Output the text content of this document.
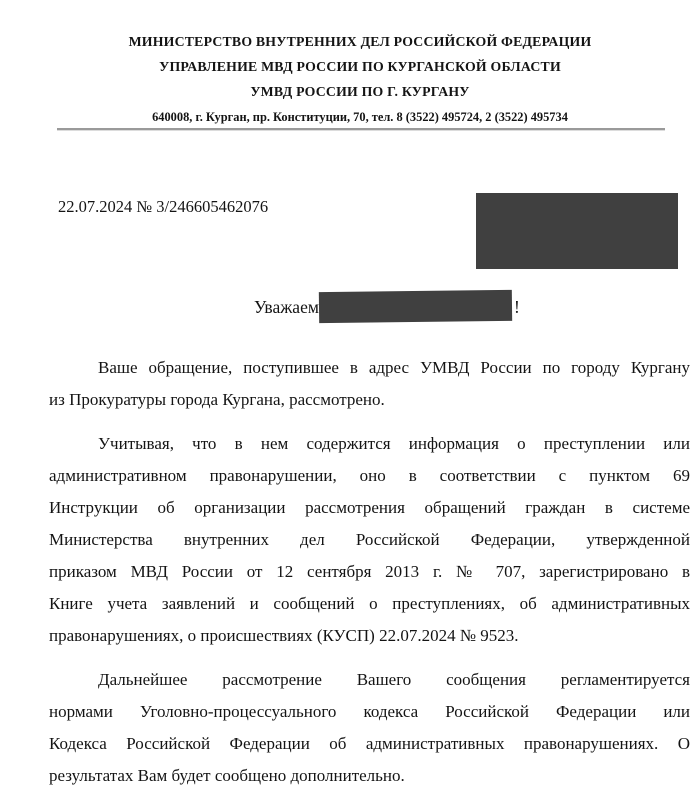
МИНИСТЕРСТВО ВНУТРЕННИХ ДЕЛ РОССИЙСКОЙ ФЕДЕРАЦИИ
УПРАВЛЕНИЕ МВД РОССИИ ПО КУРГАНСКОЙ ОБЛАСТИ
УМВД РОССИИ ПО Г. КУРГАНУ
640008, г. Курган, пр. Конституции, 70, тел. 8 (3522) 495724, 2 (3522) 495734
22.07.2024 № 3/246605462076
Уважаем	!
Ваше обращение, поступившее в адрес УМВД России по городу Кургану
из Прокуратуры города Кургана, рассмотрено.
Учитывая, что в нем содержится информация о преступлении или
административном правонарушении, оно в соответствии с пунктом 69
Инструкции об организации рассмотрения обращений граждан в системе
Министерства внутренних дел Российской Федерации, утвержденной
приказом МВД России от 12 сентября 2013 г. № 707, зарегистрировано в
Книге учета заявлений и сообщений о преступлениях, об административных
правонарушениях, о происшествиях (КУСП) 22.07.2024 № 9523.
Дальнейшее рассмотрение Вашего сообщения регламентируется
нормами Уголовно-процессуального кодекса Российской Федерации или
Кодекса Российской Федерации об административных правонарушениях. О
результатах Вам будет сообщено дополнительно.
